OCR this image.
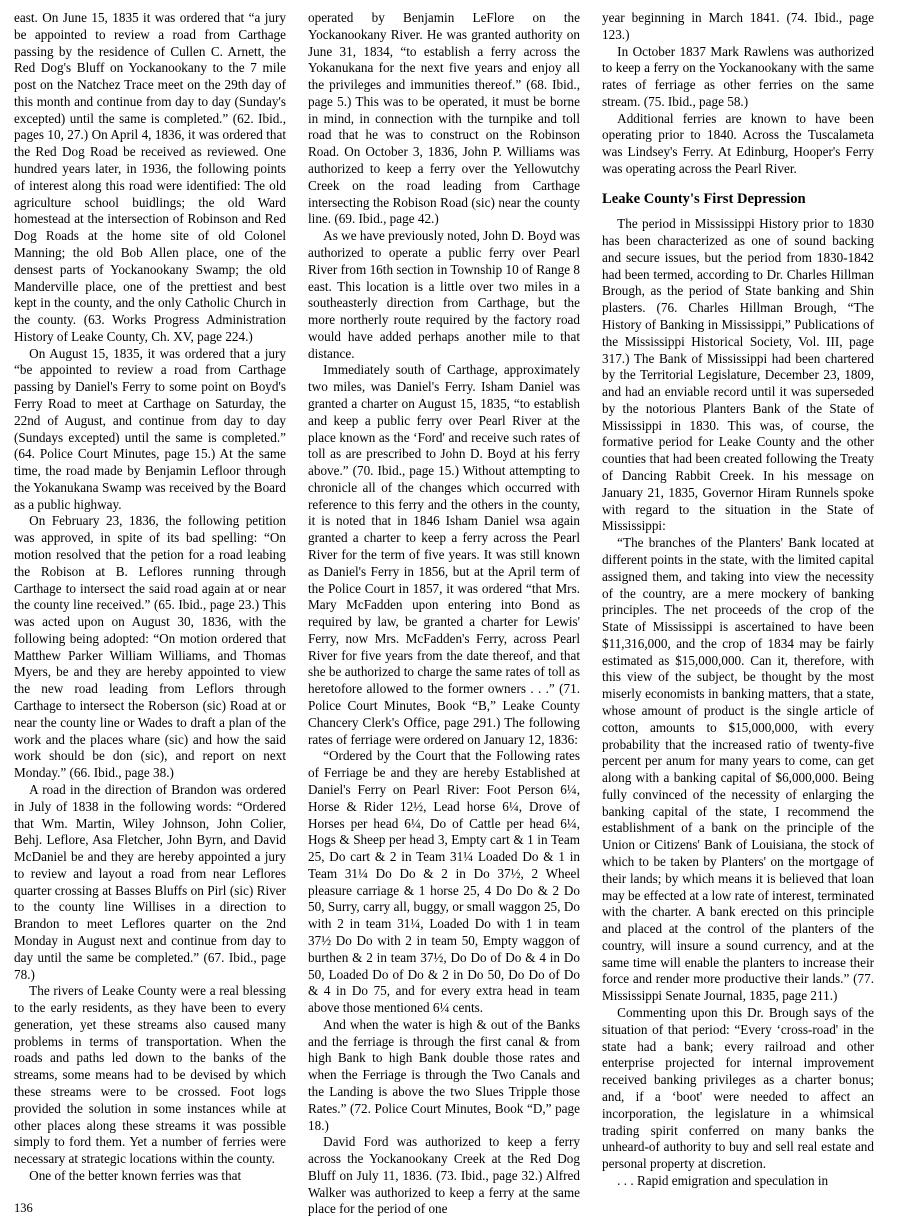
east. On June 15, 1835 it was ordered that “a jury be appointed to review a road from Carthage passing by the residence of Cullen C. Arnett, the Red Dog's Bluff on Yockanookany to the 7 mile post on the Natchez Trace meet on the 29th day of this month and continue from day to day (Sunday's excepted) until the same is completed.” (62. Ibid., pages 10, 27.) On April 4, 1836, it was ordered that the Red Dog Road be received as reviewed. One hundred years later, in 1936, the following points of interest along this road were identified: The old agriculture school buidlings; the old Ward homestead at the intersection of Robinson and Red Dog Roads at the home site of old Colonel Manning; the old Bob Allen place, one of the densest parts of Yockanookany Swamp; the old Manderville place, one of the prettiest and best kept in the county, and the only Catholic Church in the county. (63. Works Progress Administration History of Leake County, Ch. XV, page 224.)

On August 15, 1835, it was ordered that a jury “be appointed to review a road from Carthage passing by Daniel's Ferry to some point on Boyd's Ferry Road to meet at Carthage on Saturday, the 22nd of August, and continue from day to day (Sundays excepted) until the same is completed.” (64. Police Court Minutes, page 15.) At the same time, the road made by Benjamin Lefloor through the Yokanukana Swamp was received by the Board as a public highway.

On February 23, 1836, the following petition was approved, in spite of its bad spelling: “On motion resolved that the petion for a road leabing the Robison at B. Leflores running through Carthage to intersect the said road again at or near the county line received.” (65. Ibid., page 23.) This was acted upon on August 30, 1836, with the following being adopted: “On motion ordered that Matthew Parker William Williams, and Thomas Myers, be and they are hereby appointed to view the new road leading from Leflors through Carthage to intersect the Roberson (sic) Road at or near the county line or Wades to draft a plan of the work and the places whare (sic) and how the said work should be don (sic), and report on next Monday.” (66. Ibid., page 38.)

A road in the direction of Brandon was ordered in July of 1838 in the following words: “Ordered that Wm. Martin, Wiley Johnson, John Colier, Behj. Leflore, Asa Fletcher, John Byrn, and David McDaniel be and they are hereby appointed a jury to review and layout a road from near Leflores quarter crossing at Basses Bluffs on Pirl (sic) River to the county line Willises in a direction to Brandon to meet Leflores quarter on the 2nd Monday in August next and continue from day to day until the same be completed.” (67. Ibid., page 78.)

The rivers of Leake County were a real blessing to the early residents, as they have been to every generation, yet these streams also caused many problems in terms of transportation. When the roads and paths led down to the banks of the streams, some means had to be devised by which these streams were to be crossed. Foot logs provided the solution in some instances while at other places along these streams it was possible simply to ford them. Yet a number of ferries were necessary at strategic locations within the county.

One of the better known ferries was that

operated by Benjamin LeFlore on the Yockanookany River. He was granted authority on June 31, 1834, “to establish a ferry across the Yokanukana for the next five years and enjoy all the privileges and immunities thereof.” (68. Ibid., page 5.) This was to be operated, it must be borne in mind, in connection with the turnpike and toll road that he was to construct on the Robinson Road. On October 3, 1836, John P. Williams was authorized to keep a ferry over the Yellowutchy Creek on the road leading from Carthage intersecting the Robison Road (sic) near the county line. (69. Ibid., page 42.)

As we have previously noted, John D. Boyd was authorized to operate a public ferry over Pearl River from 16th section in Township 10 of Range 8 east. This location is a little over two miles in a southeasterly direction from Carthage, but the more northerly route required by the factory road would have added perhaps another mile to that distance.

Immediately south of Carthage, approximately two miles, was Daniel's Ferry. Isham Daniel was granted a charter on August 15, 1835, “to establish and keep a public ferry over Pearl River at the place known as the ‘Ford' and receive such rates of toll as are prescribed to John D. Boyd at his ferry above.” (70. Ibid., page 15.) Without attempting to chronicle all of the changes which occurred with reference to this ferry and the others in the county, it is noted that in 1846 Isham Daniel wsa again granted a charter to keep a ferry across the Pearl River for the term of five years. It was still known as Daniel's Ferry in 1856, but at the April term of the Police Court in 1857, it was ordered “that Mrs. Mary McFadden upon entering into Bond as required by law, be granted a charter for Lewis' Ferry, now Mrs. McFadden's Ferry, across Pearl River for five years from the date thereof, and that she be authorized to charge the same rates of toll as heretofore allowed to the former owners . . .” (71. Police Court Minutes, Book “B,” Leake County Chancery Clerk's Office, page 291.) The following rates of ferriage were ordered on January 12, 1836:

“Ordered by the Court that the Following rates of Ferriage be and they are hereby Established at Daniel's Ferry on Pearl River: Foot Person 6¼, Horse & Rider 12½, Lead horse 6¼, Drove of Horses per head 6¼, Do of Cattle per head 6¼, Hogs & Sheep per head 3, Empty cart & 1 in Team 25, Do cart & 2 in Team 31¼ Loaded Do & 1 in Team 31¼ Do Do & 2 in Do 37½, 2 Wheel pleasure carriage & 1 horse 25, 4 Do Do & 2 Do 50, Surry, carry all, buggy, or small waggon 25, Do with 2 in team 31¼, Loaded Do with 1 in team 37½ Do Do with 2 in team 50, Empty waggon of burthen & 2 in team 37½, Do Do of Do & 4 in Do 50, Loaded Do of Do & 2 in Do 50, Do Do of Do & 4 in Do 75, and for every extra head in team above those mentioned 6¼ cents.

And when the water is high & out of the Banks and the ferriage is through the first canal & from high Bank to high Bank double those rates and when the Ferriage is through the Two Canals and the Landing is above the two Slues Tripple those Rates.” (72. Police Court Minutes, Book “D,” page 18.)

David Ford was authorized to keep a ferry across the Yockanookany Creek at the Red Dog Bluff on July 11, 1836. (73. Ibid., page 32.) Alfred Walker was authorized to keep a ferry at the same place for the period of one

year beginning in March 1841. (74. Ibid., page 123.)

In October 1837 Mark Rawlens was authorized to keep a ferry on the Yockanookany with the same rates of ferriage as other ferries on the same stream. (75. Ibid., page 58.)

Additional ferries are known to have been operating prior to 1840. Across the Tuscalameta was Lindsey's Ferry. At Edinburg, Hooper's Ferry was operating across the Pearl River.

Leake County's First Depression

The period in Mississippi History prior to 1830 has been characterized as one of sound backing and secure issues, but the period from 1830-1842 had been termed, according to Dr. Charles Hillman Brough, as the period of State banking and Shin plasters. (76. Charles Hillman Brough, “The History of Banking in Mississippi,” Publications of the Mississippi Historical Society, Vol. III, page 317.) The Bank of Mississippi had been chartered by the Territorial Legislature, December 23, 1809, and had an enviable record until it was superseded by the notorious Planters Bank of the State of Mississippi in 1830. This was, of course, the formative period for Leake County and the other counties that had been created following the Treaty of Dancing Rabbit Creek. In his message on January 21, 1835, Governor Hiram Runnels spoke with regard to the situation in the State of Mississippi:

“The branches of the Planters' Bank located at different points in the state, with the limited capital assigned them, and taking into view the necessity of the country, are a mere mockery of banking principles. The net proceeds of the crop of the State of Mississippi is ascertained to have been $11,316,000, and the crop of 1834 may be fairly estimated as $15,000,000. Can it, therefore, with this view of the subject, be thought by the most miserly economists in banking matters, that a state, whose amount of product is the single article of cotton, amounts to $15,000,000, with every probability that the increased ratio of twenty-five percent per anum for many years to come, can get along with a banking capital of $6,000,000. Being fully convinced of the necessity of enlarging the banking capital of the state, I recommend the establishment of a bank on the principle of the Union or Citizens' Bank of Louisiana, the stock of which to be taken by Planters' on the mortgage of their lands; by which means it is believed that loan may be effected at a low rate of interest, terminated with the charter. A bank erected on this principle and placed at the control of the planters of the country, will insure a sound currency, and at the same time will enable the planters to increase their force and render more productive their lands.” (77. Mississippi Senate Journal, 1835, page 211.)

Commenting upon this Dr. Brough says of the situation of that period: “Every ‘cross-road' in the state had a bank; every railroad and other enterprise projected for internal improvement received banking privileges as a charter bonus; and, if a ‘boot' were needed to affect an incorporation, the legislature in a whimsical trading spirit conferred on many banks the unheard-of authority to buy and sell real estate and personal property at discretion.

. . . Rapid emigration and speculation in

136
